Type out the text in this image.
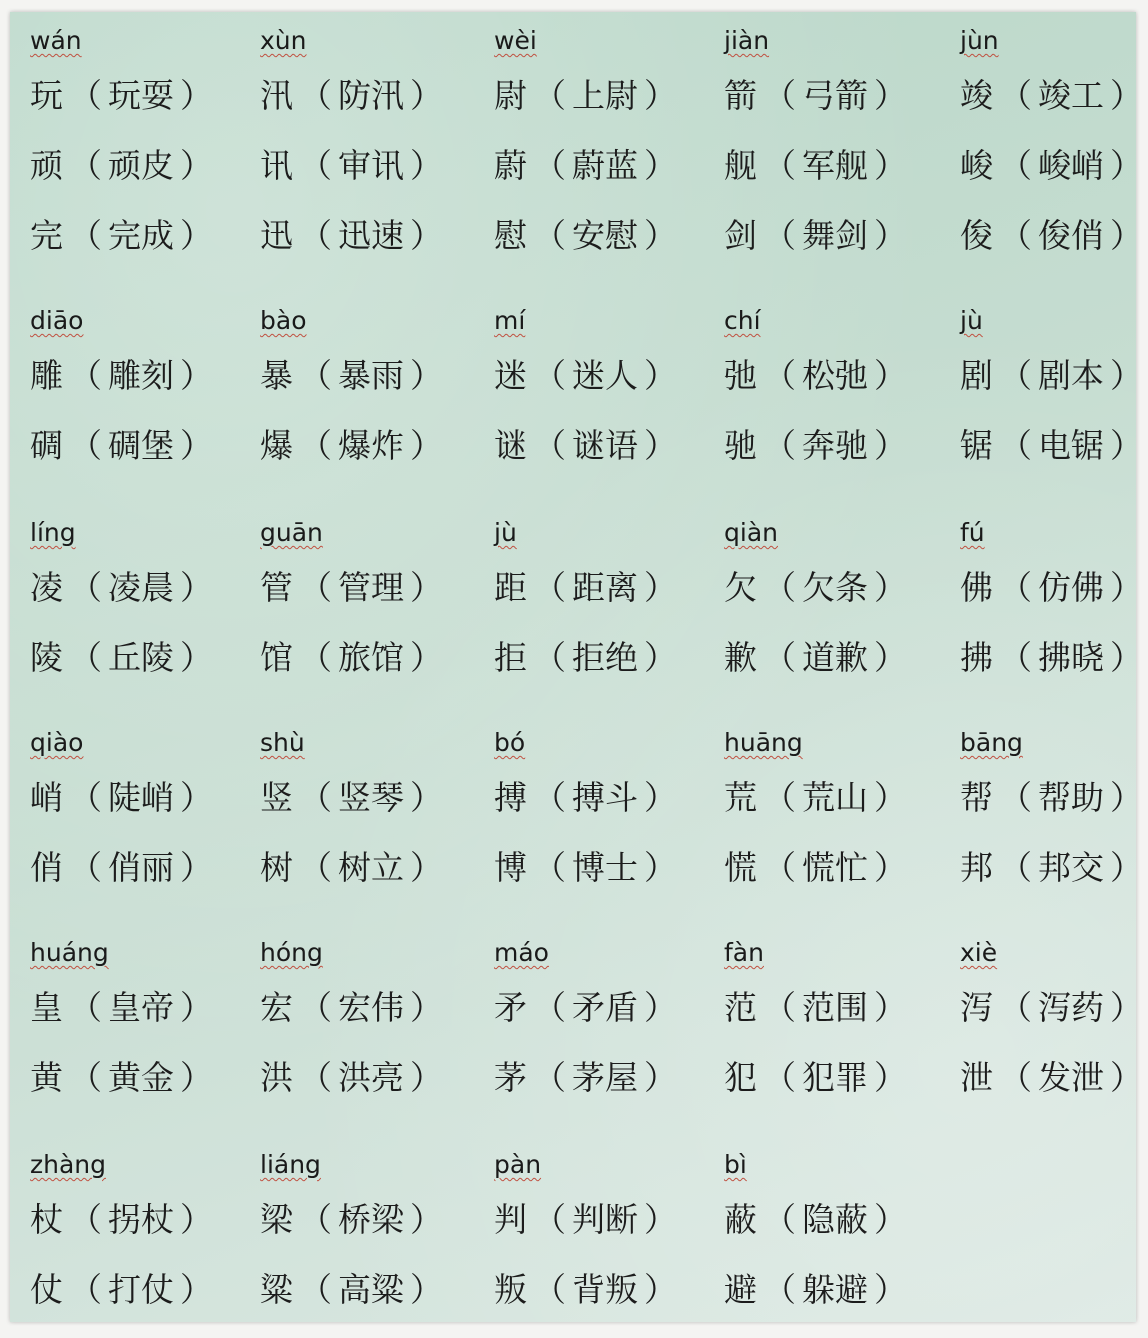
wán
玩 （ 玩耍 ）
顽 （ 顽皮 ）
完 （ 完成 ）
xùn
汛 （ 防汛 ）
讯 （ 审讯 ）
迅 （ 迅速 ）
wèi
尉 （ 上尉 ）
蔚 （ 蔚蓝 ）
慰 （ 安慰 ）
jiàn
箭 （ 弓箭 ）
舰 （ 军舰 ）
剑 （ 舞剑 ）
jùn
竣 （ 竣工 ）
峻 （ 峻峭 ）
俊 （ 俊俏 ）
diāo
雕 （ 雕刻 ）
碉 （ 碉堡 ）
bào
暴 （ 暴雨 ）
爆 （ 爆炸 ）
mí
迷 （ 迷人 ）
谜 （ 谜语 ）
chí
弛 （ 松弛 ）
驰 （ 奔驰 ）
jù
剧 （ 剧本 ）
锯 （ 电锯 ）
líng
凌 （ 凌晨 ）
陵 （ 丘陵 ）
guān
管 （ 管理 ）
馆 （ 旅馆 ）
jù
距 （ 距离 ）
拒 （ 拒绝 ）
qiàn
欠 （ 欠条 ）
歉 （ 道歉 ）
fú
佛 （ 仿佛 ）
拂 （ 拂晓 ）
qiào
峭 （ 陡峭 ）
俏 （ 俏丽 ）
shù
竖 （ 竖琴 ）
树 （ 树立 ）
bó
搏 （ 搏斗 ）
博 （ 博士 ）
huāng
荒 （ 荒山 ）
慌 （ 慌忙 ）
bāng
帮 （ 帮助 ）
邦 （ 邦交 ）
huáng
皇 （ 皇帝 ）
黄 （ 黄金 ）
hóng
宏 （ 宏伟 ）
洪 （ 洪亮 ）
máo
矛 （ 矛盾 ）
茅 （ 茅屋 ）
fàn
范 （ 范围 ）
犯 （ 犯罪 ）
xiè
泻 （ 泻药 ）
泄 （ 发泄 ）
zhàng
杖 （ 拐杖 ）
仗 （ 打仗 ）
liáng
梁 （ 桥梁 ）
粱 （ 高粱 ）
pàn
判 （ 判断 ）
叛 （ 背叛 ）
bì
蔽 （ 隐蔽 ）
避 （ 躲避 ）
